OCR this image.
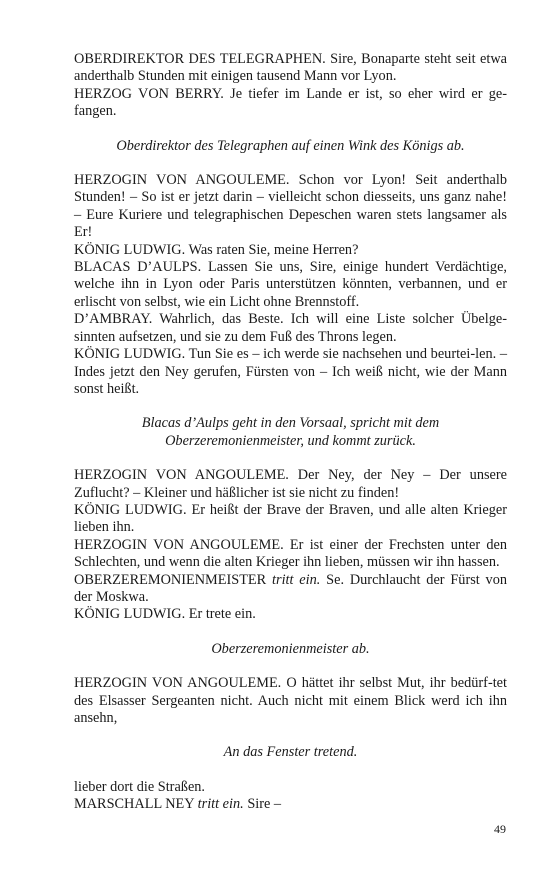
OBERDIREKTOR DES TELEGRAPHEN. Sire, Bonaparte steht seit etwa anderthalb Stunden mit einigen tausend Mann vor Lyon.

HERZOG VON BERRY. Je tiefer im Lande er ist, so eher wird er ge-fangen.

Oberdirektor des Telegraphen auf einen Wink des Königs ab.

HERZOGIN VON ANGOULEME. Schon vor Lyon! Seit anderthalb Stunden! – So ist er jetzt darin – vielleicht schon diesseits, uns ganz nahe! – Eure Kuriere und telegraphischen Depeschen waren stets langsamer als Er!

KÖNIG LUDWIG. Was raten Sie, meine Herren?

BLACAS D’AULPS. Lassen Sie uns, Sire, einige hundert Verdächtige, welche ihn in Lyon oder Paris unterstützen könnten, verbannen, und er erlischt von selbst, wie ein Licht ohne Brennstoff.

D’AMBRAY. Wahrlich, das Beste. Ich will eine Liste solcher Übelge-sinnten aufsetzen, und sie zu dem Fuß des Throns legen.

KÖNIG LUDWIG. Tun Sie es – ich werde sie nachsehen und beurtei-len. – Indes jetzt den Ney gerufen, Fürsten von – Ich weiß nicht, wie der Mann sonst heißt.

Blacas d’Aulps geht in den Vorsaal, spricht mit dem
Oberzeremonienmeister, und kommt zurück.

HERZOGIN VON ANGOULEME. Der Ney, der Ney – Der unsere Zuflucht? – Kleiner und häßlicher ist sie nicht zu finden!

KÖNIG LUDWIG. Er heißt der Brave der Braven, und alle alten Krieger lieben ihn.

HERZOGIN VON ANGOULEME. Er ist einer der Frechsten unter den Schlechten, und wenn die alten Krieger ihn lieben, müssen wir ihn hassen.

OBERZEREMONIENMEISTER tritt ein. Se. Durchlaucht der Fürst von der Moskwa.

KÖNIG LUDWIG. Er trete ein.

Oberzeremonienmeister ab.

HERZOGIN VON ANGOULEME. O hättet ihr selbst Mut, ihr bedürf-tet des Elsasser Sergeanten nicht. Auch nicht mit einem Blick werd ich ihn ansehn,

An das Fenster tretend.

lieber dort die Straßen.

MARSCHALL NEY tritt ein. Sire –

49
